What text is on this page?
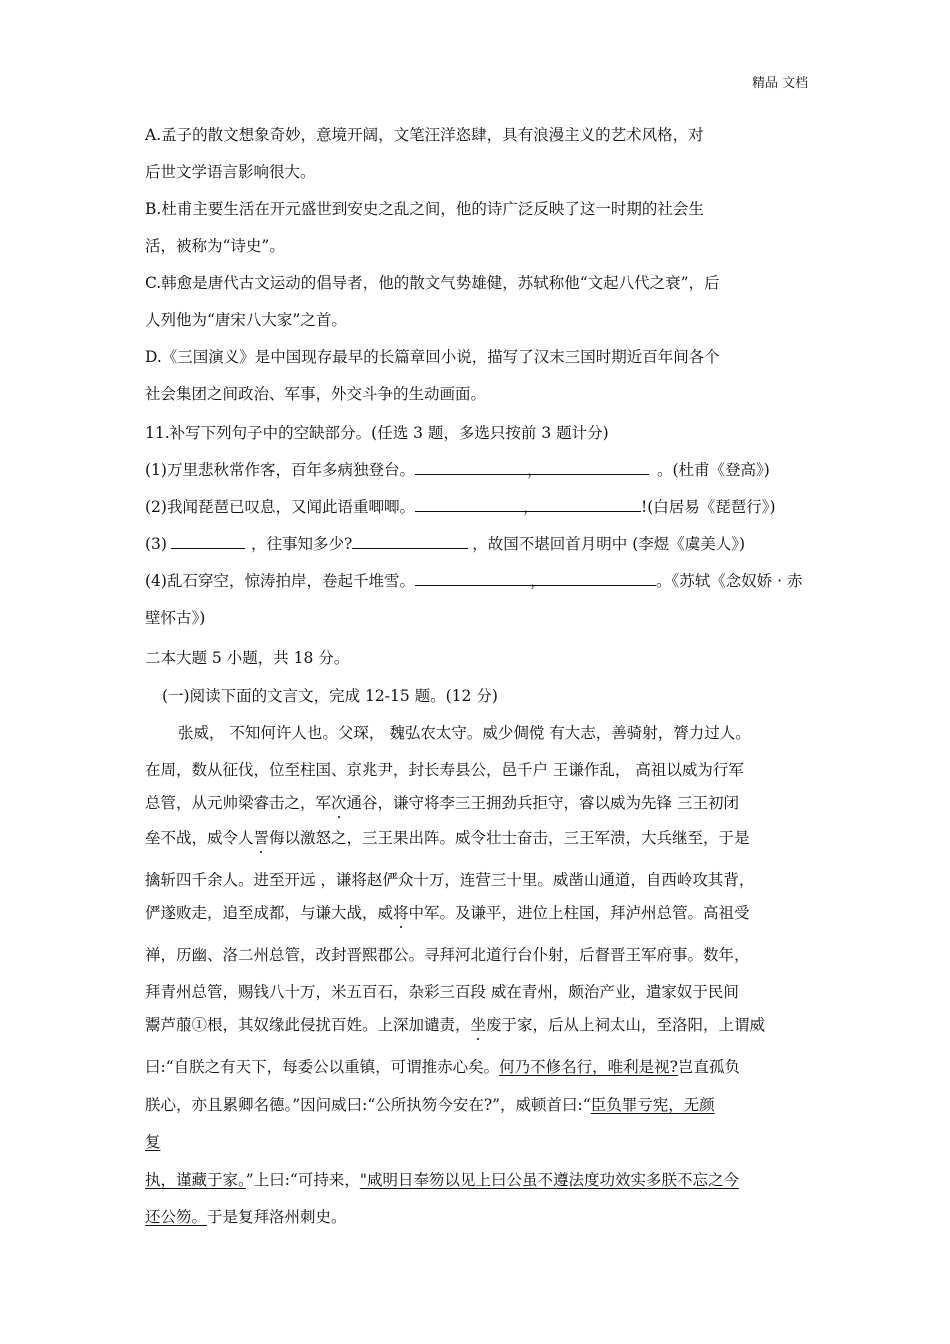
精品 文档
A.孟子的散文想象奇妙，意境开阔，文笔汪洋恣肆，具有浪漫主义的艺术风格，对
后世文学语言影响很大。
B.杜甫主要生活在开元盛世到安史之乱之间，他的诗广泛反映了这一时期的社会生
活，被称为“诗史”。
C.韩愈是唐代古文运动的倡导者，他的散文气势雄健，苏轼称他“文起八代之衰”，后
人列他为“唐宋八大家”之首。
D.《三国演义》是中国现存最早的长篇章回小说，描写了汉末三国时期近百年间各个
社会集团之间政治、军事，外交斗争的生动画面。
11.补写下列句子中的空缺部分。(任选 3 题，多选只按前 3 题计分)
(1)万里悲秋常作客，百年多病独登台。	，	。(杜甫《登高》)
(2)我闻琵琶已叹息，又闻此语重唧唧。	，	!(白居易《琵琶行》)
(3)	，往事知多少?	，故国不堪回首月明中 (李煜《虞美人》)
(4)乱石穿空，惊涛拍岸，卷起千堆雪。	，	。《苏轼《念奴娇 · 赤
壁怀古》)
二本大题 5 小题，共 18 分。
(一)阅读下面的文言文，完成 12-15 题。(12 分)
张威， 不知何许人也。父琛， 魏弘农太守。威少倜傥 有大志，善骑射，膂力过人。
在周，数从征伐，位至柱国、京兆尹，封长寿县公，邑千户 王谦作乱， 高祖以威为行军
总管，从元帅梁睿击之，军次通谷，谦守将李三王拥劲兵拒守，睿以威为先锋 三王初闭
垒不战，威令人詈侮以激怒之，三王果出阵。威令壮士奋击，三王军溃，大兵继至，于是
擒斩四千余人。进至开远 ，谦将赵俨众十万，连营三十里。威凿山通道，自西岭攻其背，
俨遂败走，追至成都，与谦大战，威将中军。及谦平，进位上柱国，拜泸州总管。高祖受
禅，历幽、洛二州总管，改封晋熙郡公。寻拜河北道行台仆射，后督晋王军府事。数年，
拜青州总管，赐钱八十万，米五百石，杂彩三百段 威在青州，颇治产业，遣家奴于民间
鬻芦菔①根，其奴缘此侵扰百姓。上深加谴责，坐废于家，后从上祠太山，至洛阳，上谓威
曰:“自朕之有天下，每委公以重镇，可谓推赤心矣。何乃不修名行，唯利是视?岂直孤负
朕心，亦且累卿名德。”因问威曰:“公所执笏今安在?”，威顿首曰:“臣负罪亏宪，无颜
复
执，谨藏于家。”上曰:“可持来，"咸明日奉笏以见上曰公虽不遵法度功效实多朕不忘之今
还公笏。于是复拜洛州刺史。
